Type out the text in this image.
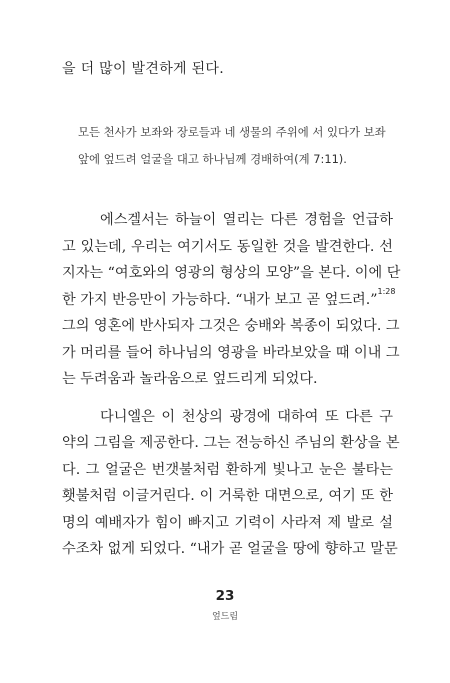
을 더 많이 발견하게 된다.

모든 천사가 보좌와 장로들과 네 생물의 주위에 서 있다가 보좌

앞에 엎드려 얼굴을 대고 하나님께 경배하여(계 7:11).

에스겔서는 하늘이 열리는 다른 경험을 언급하

고 있는데, 우리는 여기서도 동일한 것을 발견한다. 선

지자는 “여호와의 영광의 형상의 모양”을 본다. 이에 단

한 가지 반응만이 가능하다. “내가 보고 곧 엎드려.”$^{1:28}$

그의 영혼에 반사되자 그것은 숭배와 복종이 되었다. 그

가 머리를 들어 하나님의 영광을 바라보았을 때 이내 그

는 두려움과 놀라움으로 엎드리게 되었다.

다니엘은 이 천상의 광경에 대하여 또 다른 구

약의 그림을 제공한다. 그는 전능하신 주님의 환상을 본

다. 그 얼굴은 번갯불처럼 환하게 빛나고 눈은 불타는

횃불처럼 이글거린다. 이 거룩한 대면으로, 여기 또 한

명의 예배자가 힘이 빠지고 기력이 사라져 제 발로 설

수조차 없게 되었다. “내가 곧 얼굴을 땅에 향하고 말문

23
엎드림
